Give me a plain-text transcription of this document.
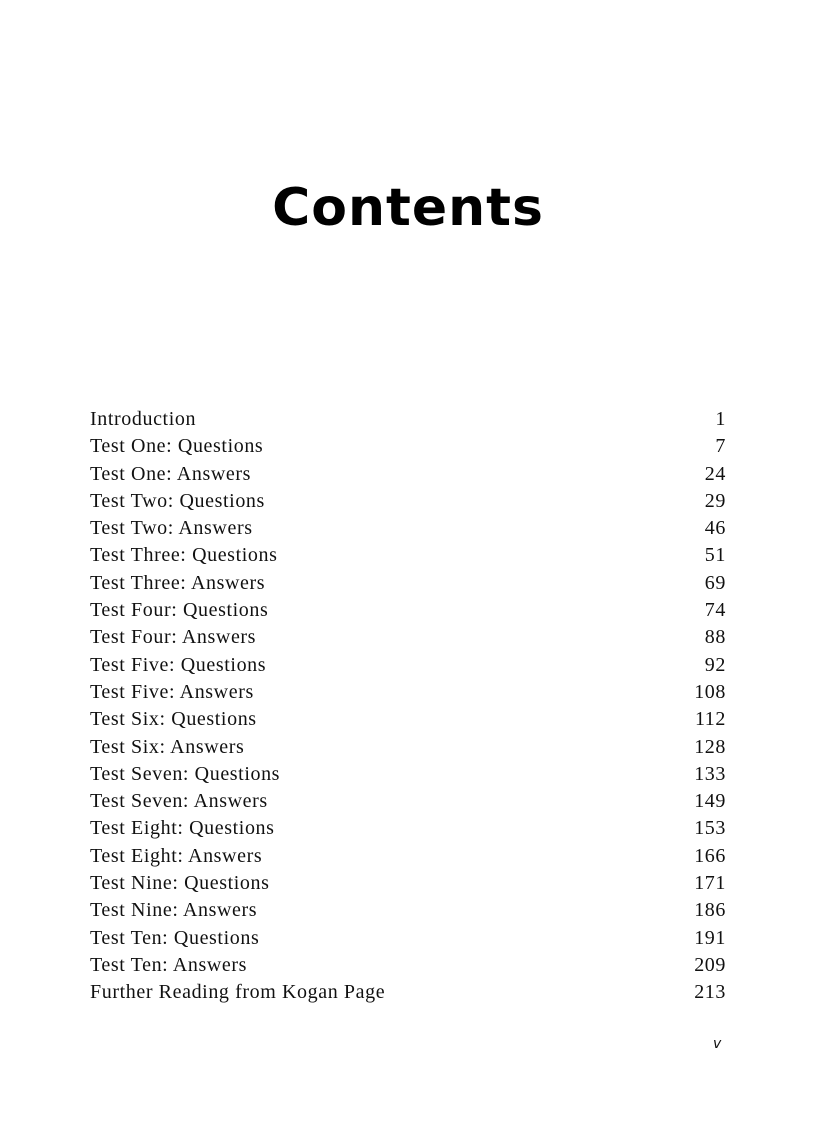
Contents
Introduction	1
Test One: Questions	7
Test One: Answers	24
Test Two: Questions	29
Test Two: Answers	46
Test Three: Questions	51
Test Three: Answers	69
Test Four: Questions	74
Test Four: Answers	88
Test Five: Questions	92
Test Five: Answers	108
Test Six: Questions	112
Test Six: Answers	128
Test Seven: Questions	133
Test Seven: Answers	149
Test Eight: Questions	153
Test Eight: Answers	166
Test Nine: Questions	171
Test Nine: Answers	186
Test Ten: Questions	191
Test Ten: Answers	209
Further Reading from Kogan Page	213
v
